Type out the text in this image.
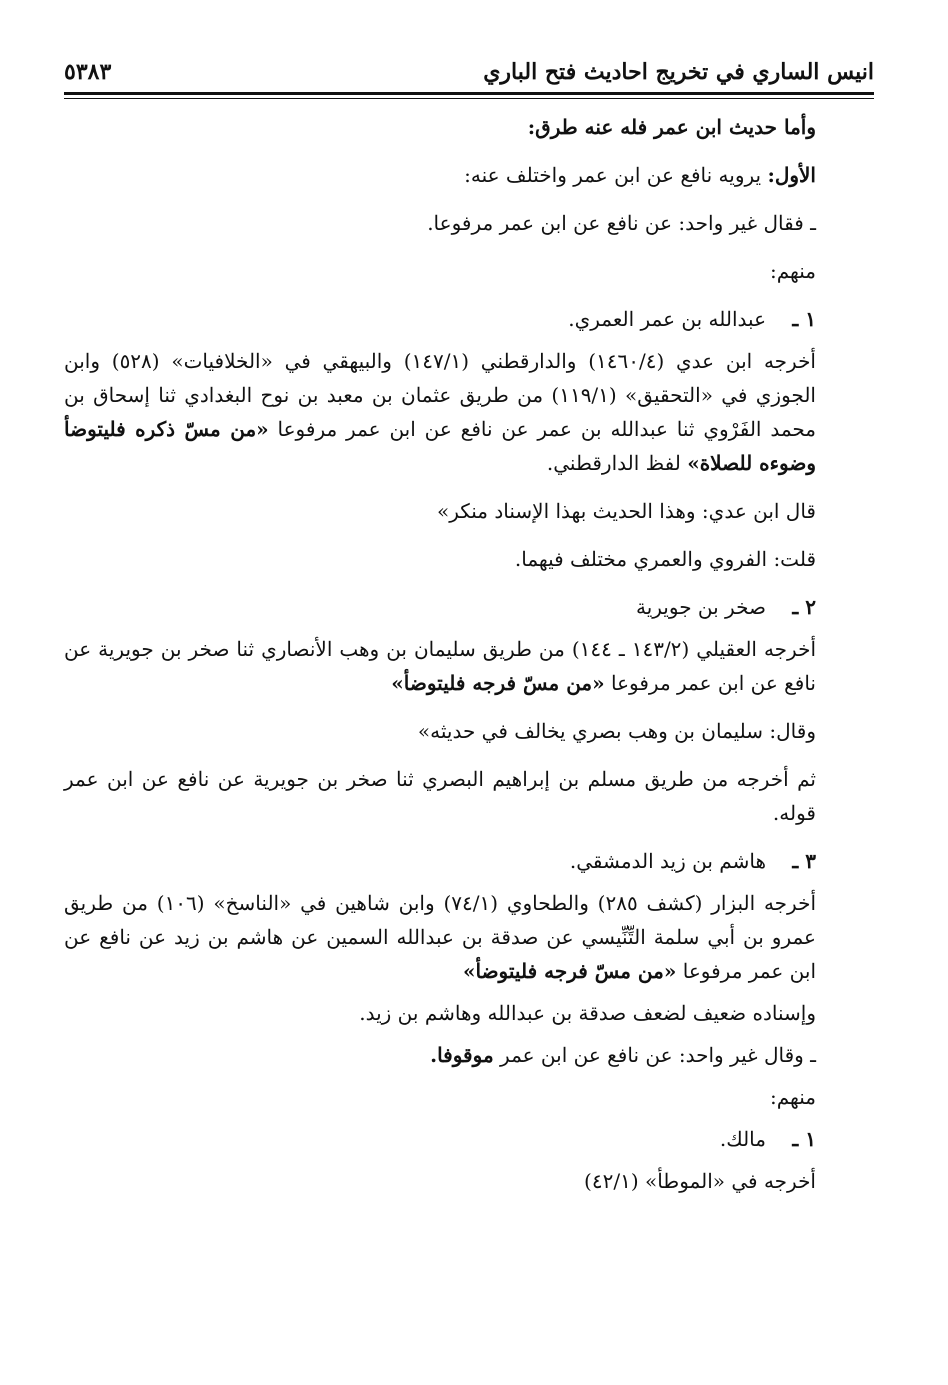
انيس الساري في تخريج احاديث فتح الباري
٥٣٨٣

وأما حديث ابن عمر فله عنه طرق:

الأول: يرويه نافع عن ابن عمر واختلف عنه:

ـ فقال غير واحد: عن نافع عن ابن عمر مرفوعا.

منهم:

١ ـعبدالله بن عمر العمري.

أخرجه ابن عدي (١٤٦٠/٤) والدارقطني (١٤٧/١) والبيهقي في «الخلافيات» (٥٢٨) وابن الجوزي في «التحقيق» (١١٩/١) من طريق عثمان بن معبد بن نوح البغدادي ثنا إسحاق بن محمد الفَرْوي ثنا عبدالله بن عمر عن نافع عن ابن عمر مرفوعا «من مسّ ذكره فليتوضأ وضوءه للصلاة» لفظ الدارقطني.

قال ابن عدي: وهذا الحديث بهذا الإسناد منكر»

قلت: الفروي والعمري مختلف فيهما.

٢ ـصخر بن جويرية

أخرجه العقيلي (١٤٣/٢ ـ ١٤٤) من طريق سليمان بن وهب الأنصاري ثنا صخر بن جويرية عن نافع عن ابن عمر مرفوعا «من مسّ فرجه فليتوضأ»

وقال: سليمان بن وهب بصري يخالف في حديثه»

ثم أخرجه من طريق مسلم بن إبراهيم البصري ثنا صخر بن جويرية عن نافع عن ابن عمر قوله.

٣ ـهاشم بن زيد الدمشقي.

أخرجه البزار (كشف ٢٨٥) والطحاوي (٧٤/١) وابن شاهين في «الناسخ» (١٠٦) من طريق عمرو بن أبي سلمة التِّنِّيسي عن صدقة بن عبدالله السمين عن هاشم بن زيد عن نافع عن ابن عمر مرفوعا «من مسّ فرجه فليتوضأ»

وإسناده ضعيف لضعف صدقة بن عبدالله وهاشم بن زيد.

ـ وقال غير واحد: عن نافع عن ابن عمر موقوفا.

منهم:

١ ـمالك.

أخرجه في «الموطأ» (٤٢/١)
